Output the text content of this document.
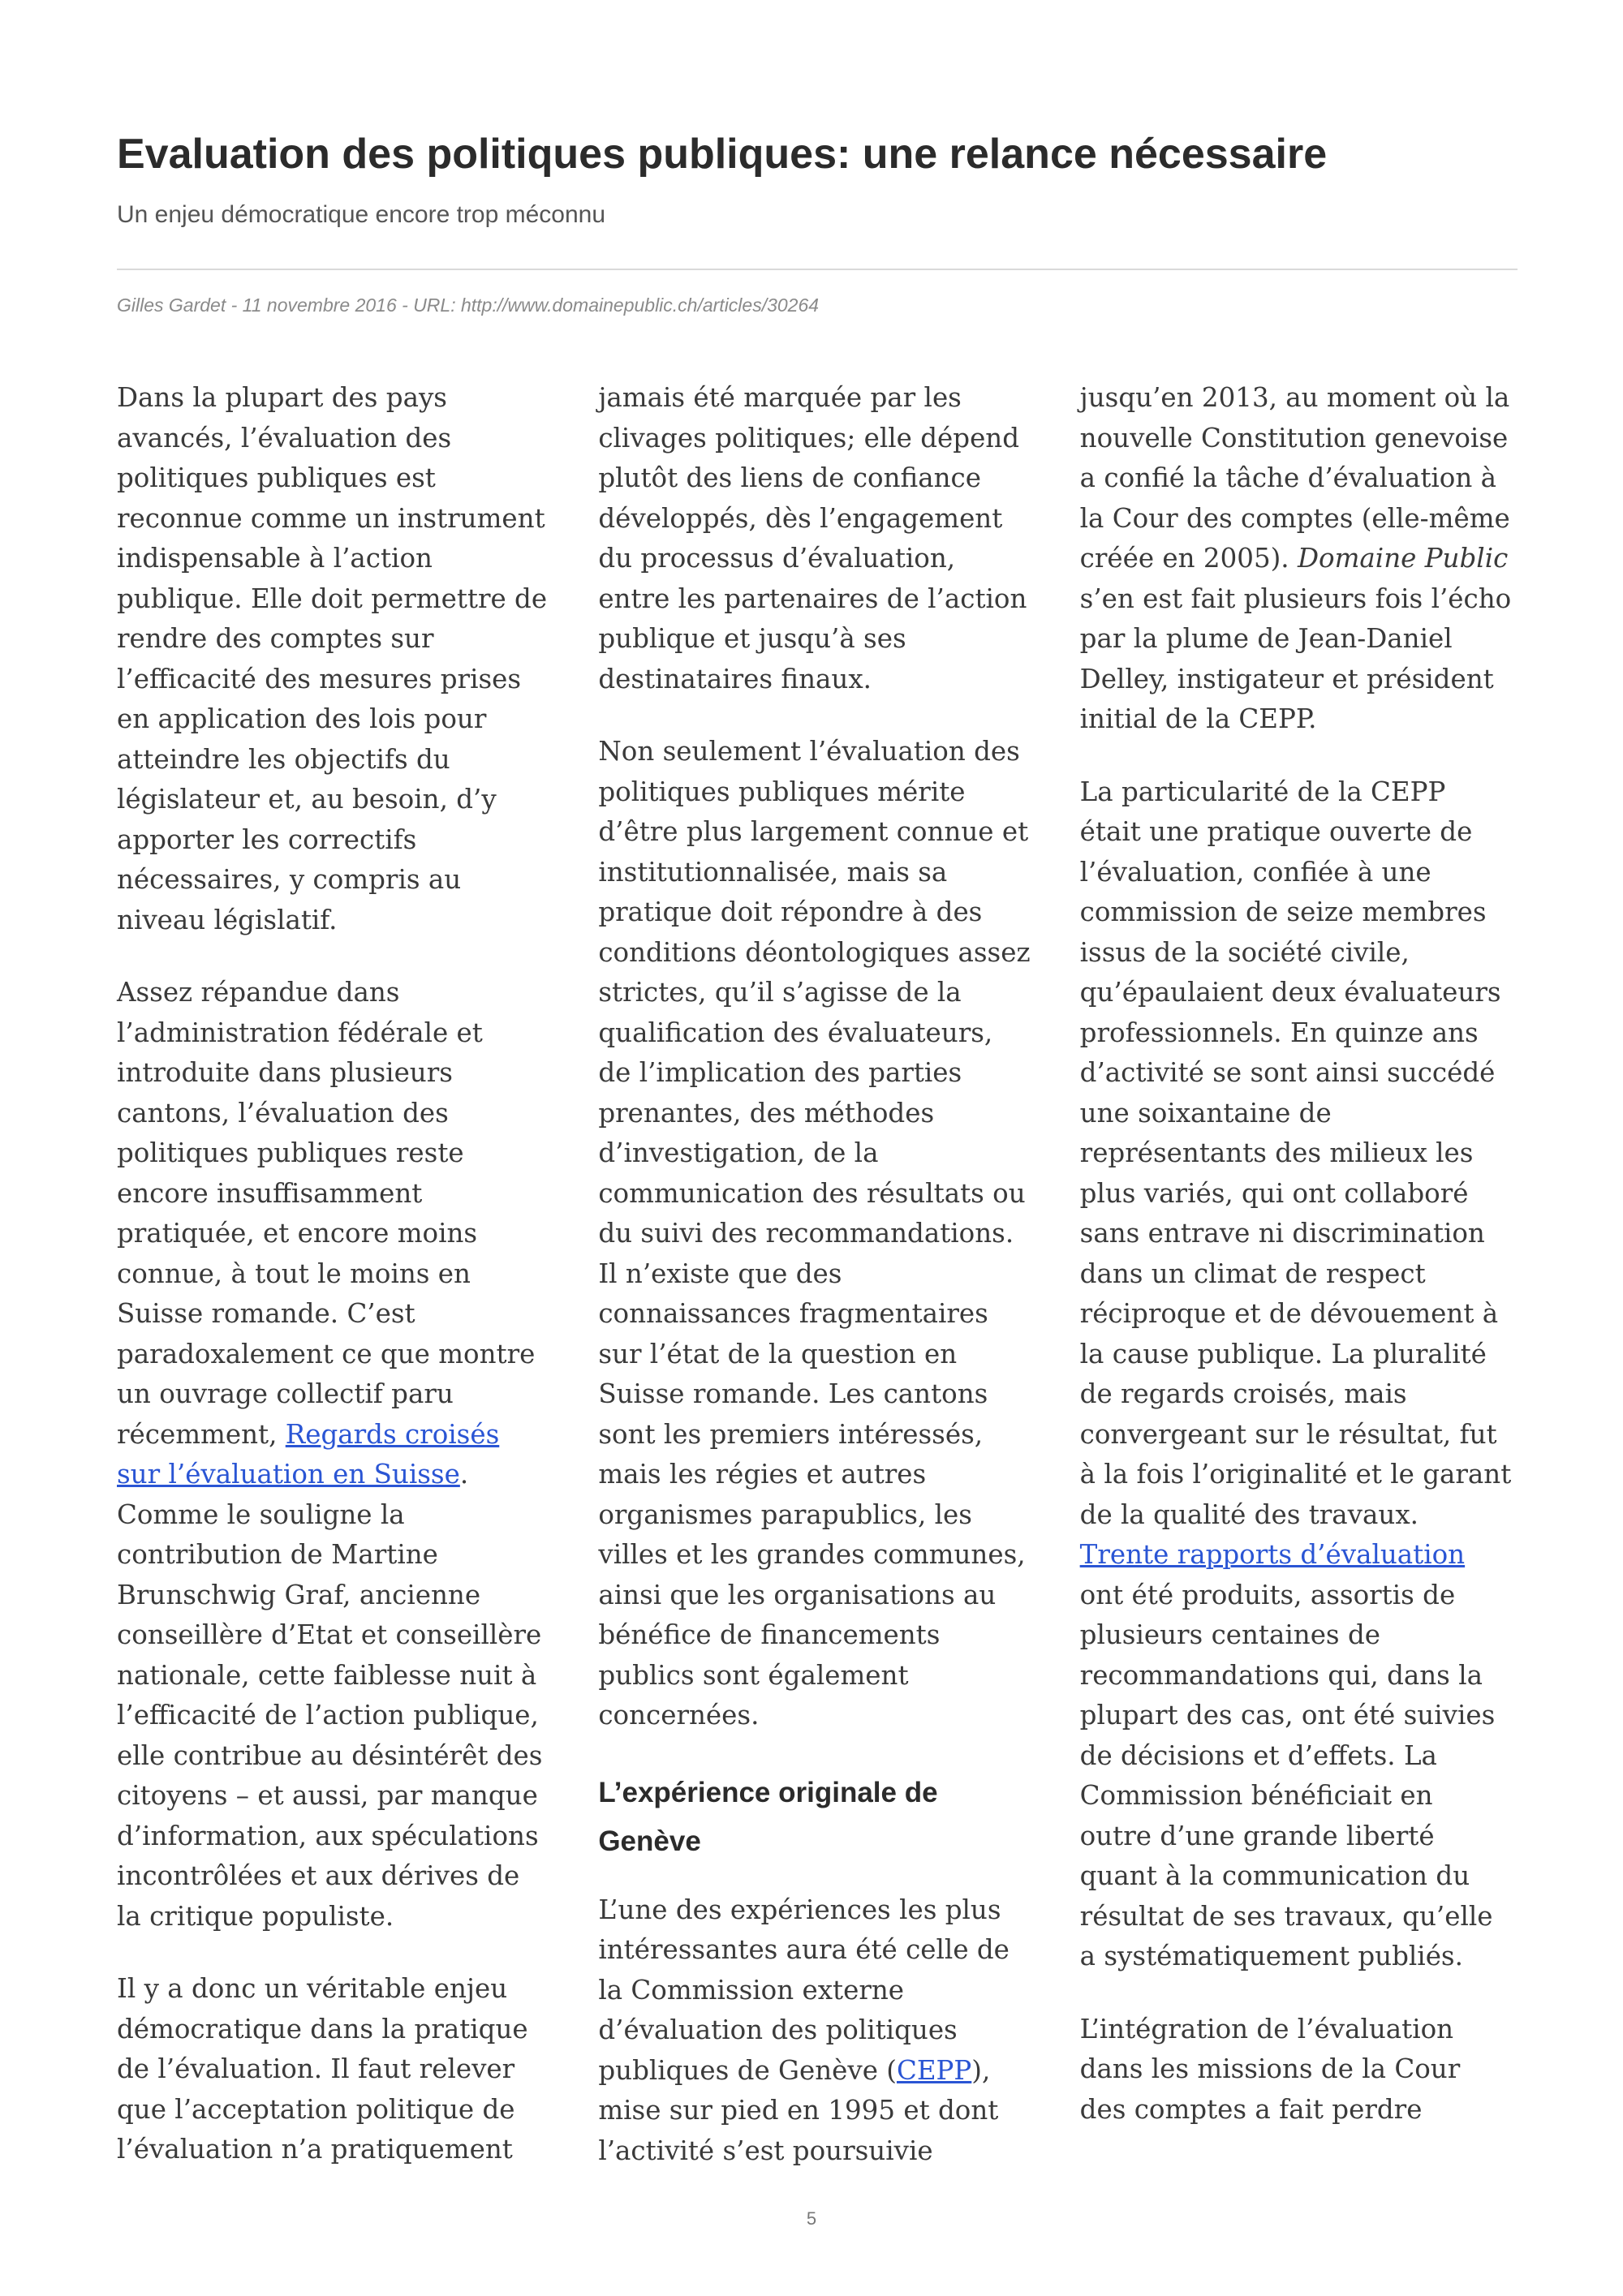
Evaluation des politiques publiques: une relance nécessaire
Un enjeu démocratique encore trop méconnu
Gilles Gardet - 11 novembre 2016 - URL: http://www.domainepublic.ch/articles/30264

Dans la plupart des pays avancés, l’évaluation des politiques publiques est reconnue comme un instrument indispensable à l’action publique. Elle doit permettre de rendre des comptes sur l’efficacité des mesures prises en application des lois pour atteindre les objectifs du législateur et, au besoin, d’y apporter les correctifs nécessaires, y compris au niveau législatif.

Assez répandue dans l’administration fédérale et introduite dans plusieurs cantons, l’évaluation des politiques publiques reste encore insuffisamment pratiquée, et encore moins connue, à tout le moins en Suisse romande. C’est paradoxalement ce que montre un ouvrage collectif paru récemment, Regards croisés sur l’évaluation en Suisse. Comme le souligne la contribution de Martine Brunschwig Graf, ancienne conseillère d’Etat et conseillère nationale, cette faiblesse nuit à l’efficacité de l’action publique, elle contribue au désintérêt des citoyens – et aussi, par manque d’information, aux spéculations incontrôlées et aux dérives de la critique populiste.

Il y a donc un véritable enjeu démocratique dans la pratique de l’évaluation. Il faut relever que l’acceptation politique de l’évaluation n’a pratiquement

jamais été marquée par les clivages politiques; elle dépend plutôt des liens de confiance développés, dès l’engagement du processus d’évaluation, entre les partenaires de l’action publique et jusqu’à ses destinataires finaux.

Non seulement l’évaluation des politiques publiques mérite d’être plus largement connue et institutionnalisée, mais sa pratique doit répondre à des conditions déontologiques assez strictes, qu’il s’agisse de la qualification des évaluateurs, de l’implication des parties prenantes, des méthodes d’investigation, de la communication des résultats ou du suivi des recommandations. Il n’existe que des connaissances fragmentaires sur l’état de la question en Suisse romande. Les cantons sont les premiers intéressés, mais les régies et autres organismes parapublics, les villes et les grandes communes, ainsi que les organisations au bénéfice de financements publics sont également concernées.

L’expérience originale de Genève

L’une des expériences les plus intéressantes aura été celle de la Commission externe d’évaluation des politiques publiques de Genève (CEPP), mise sur pied en 1995 et dont l’activité s’est poursuivie

jusqu’en 2013, au moment où la nouvelle Constitution genevoise a confié la tâche d’évaluation à la Cour des comptes (elle-même créée en 2005). Domaine Public s’en est fait plusieurs fois l’écho par la plume de Jean-Daniel Delley, instigateur et président initial de la CEPP.

La particularité de la CEPP était une pratique ouverte de l’évaluation, confiée à une commission de seize membres issus de la société civile, qu’épaulaient deux évaluateurs professionnels. En quinze ans d’activité se sont ainsi succédé une soixantaine de représentants des milieux les plus variés, qui ont collaboré sans entrave ni discrimination dans un climat de respect réciproque et de dévouement à la cause publique. La pluralité de regards croisés, mais convergeant sur le résultat, fut à la fois l’originalité et le garant de la qualité des travaux. Trente rapports d’évaluation ont été produits, assortis de plusieurs centaines de recommandations qui, dans la plupart des cas, ont été suivies de décisions et d’effets. La Commission bénéficiait en outre d’une grande liberté quant à la communication du résultat de ses travaux, qu’elle a systématiquement publiés.

L’intégration de l’évaluation dans les missions de la Cour des comptes a fait perdre

5
